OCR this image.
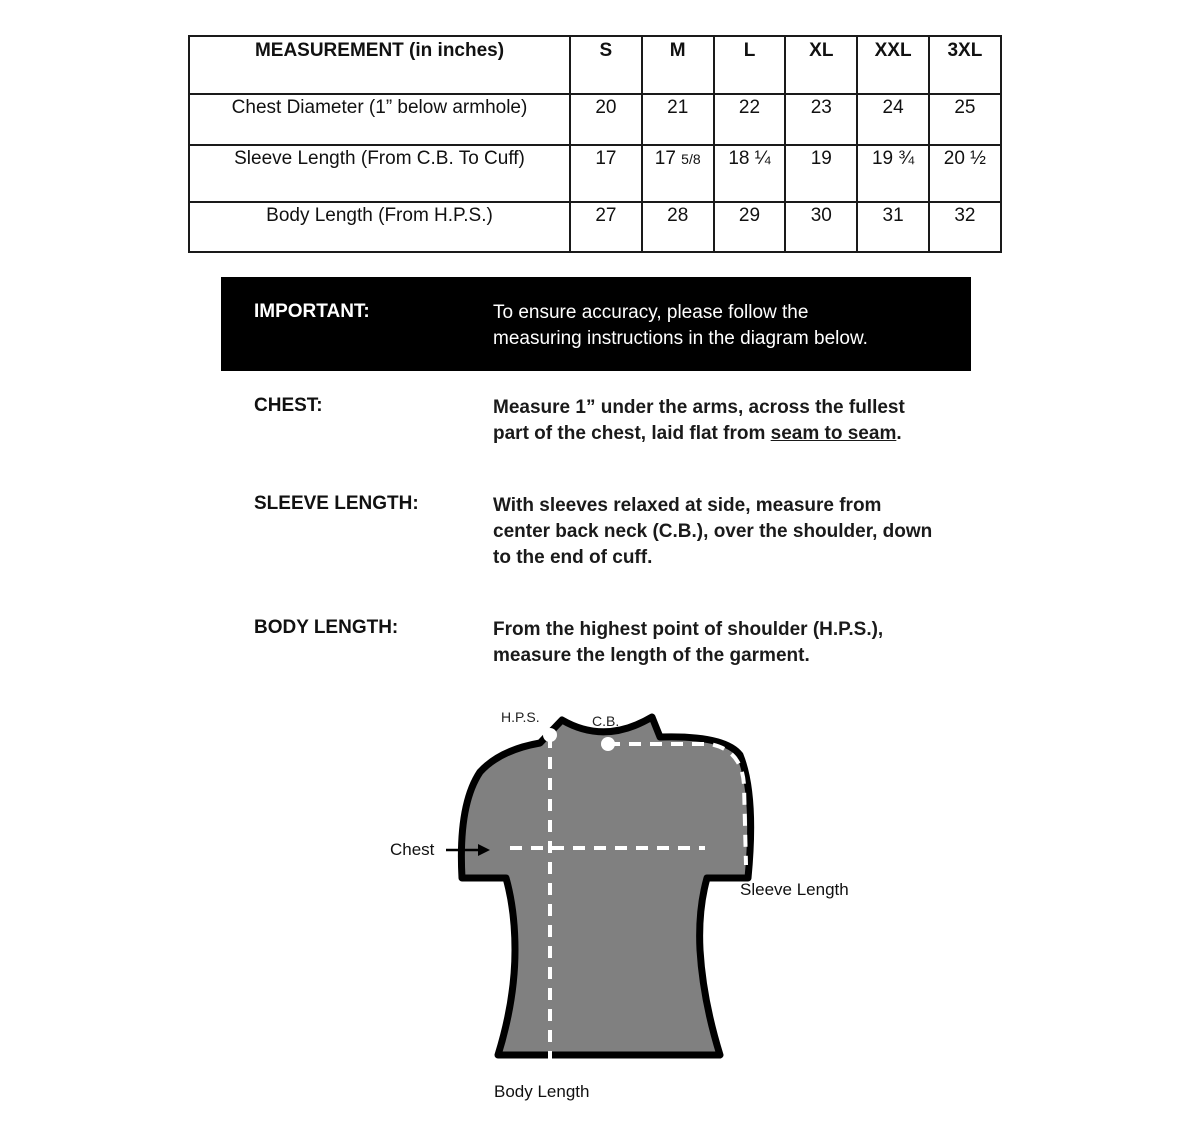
MEASUREMENT (in inches)	S	M	L	XL	XXL	3XL
Chest Diameter (1” below armhole)	20	21	22	23	24	25
Sleeve Length (From C.B. To Cuff)	17	17 5/8	18 ¼	19	19 ¾	20 ½
Body Length (From H.P.S.)	27	28	29	30	31	32
IMPORTANT:	To ensure accuracy, please follow the
measuring instructions in the diagram below.
CHEST:	Measure 1” under the arms, across the fullest
part of the chest, laid flat from seam to seam.
SLEEVE LENGTH:	With sleeves relaxed at side, measure from
center back neck (C.B.), over the shoulder, down
to the end of cuff.
BODY LENGTH:	From the highest point of shoulder (H.P.S.),
measure the length of the garment.
H.P.S.	C.B.
Chest
Sleeve Length
Body Length
